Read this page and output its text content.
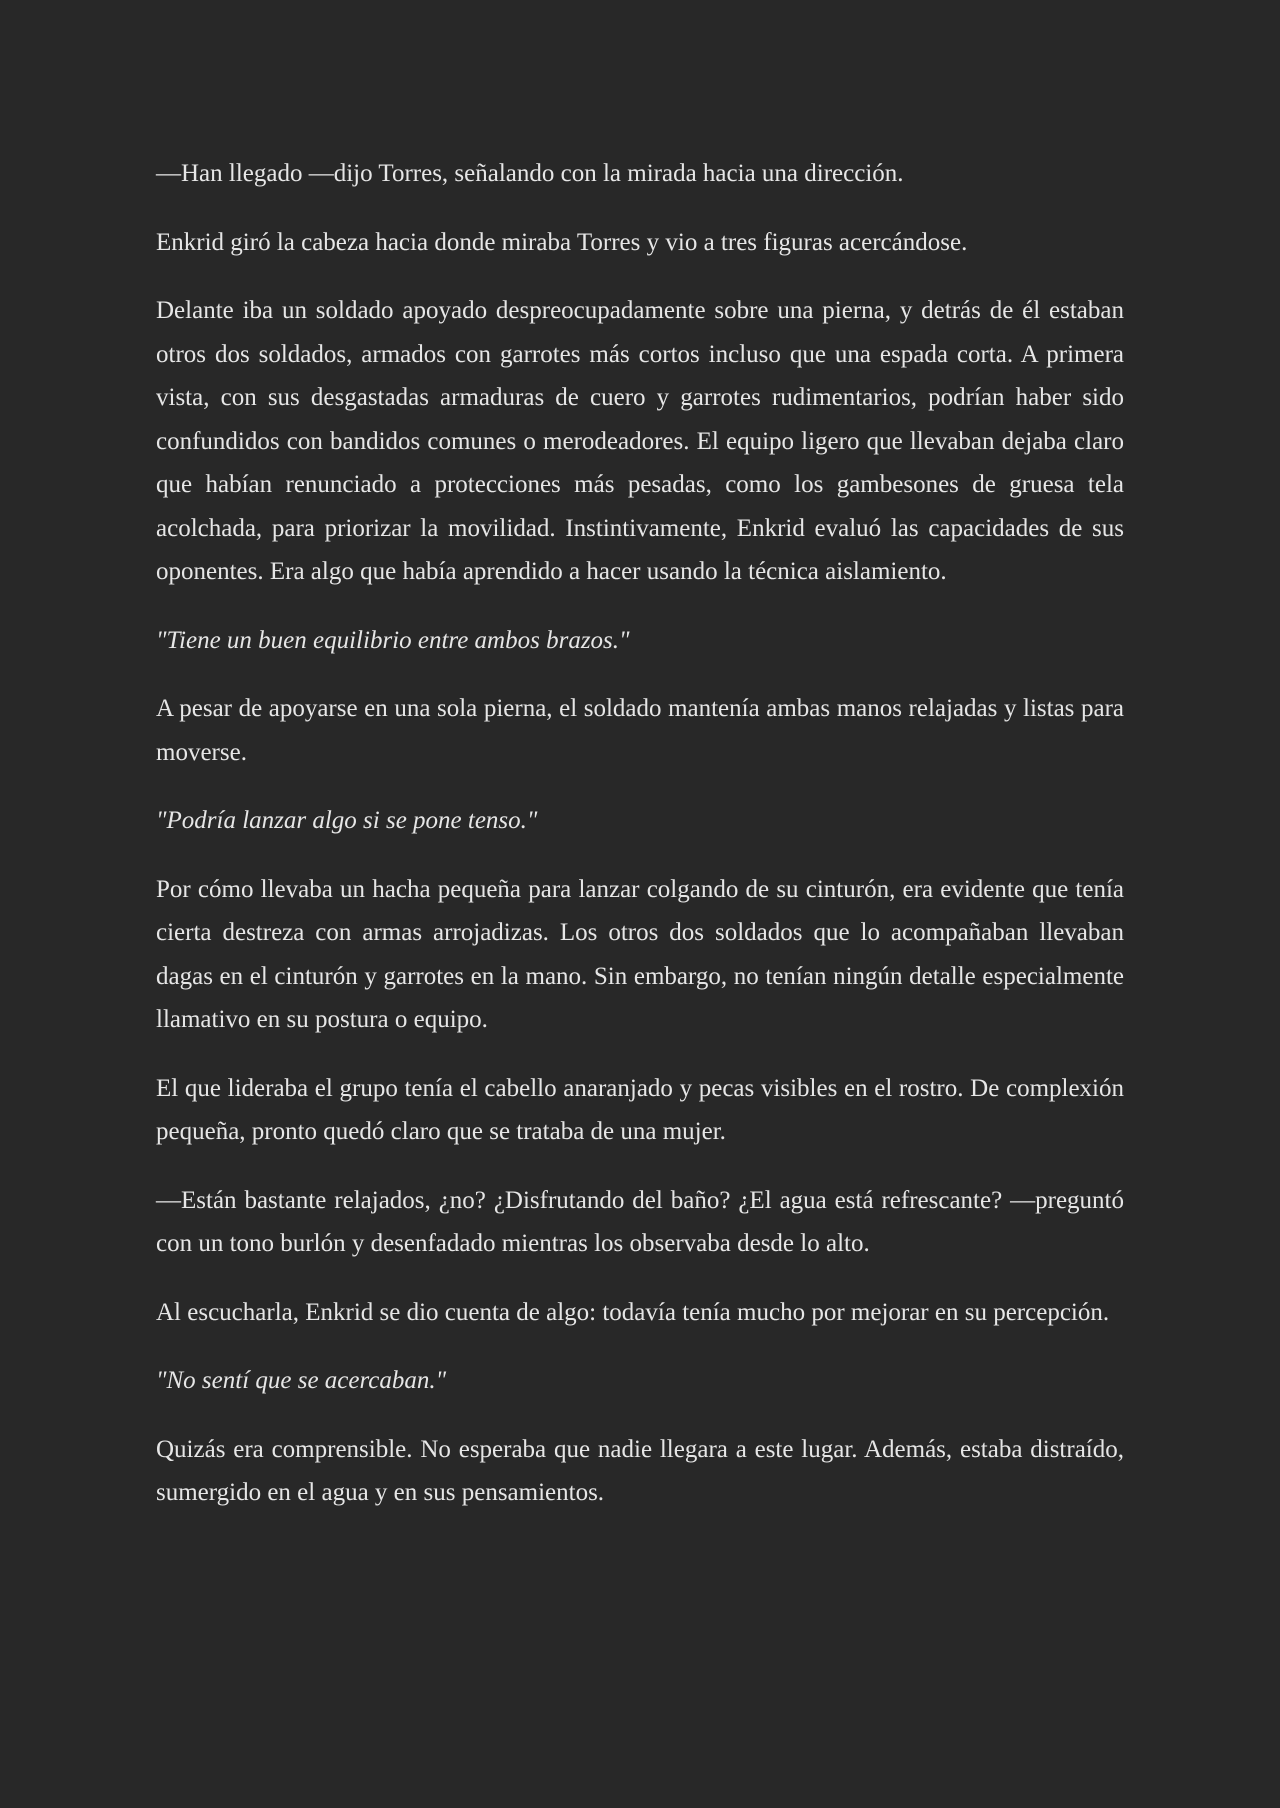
—Han llegado —dijo Torres, señalando con la mirada hacia una dirección.

Enkrid giró la cabeza hacia donde miraba Torres y vio a tres figuras acercándose.

Delante iba un soldado apoyado despreocupadamente sobre una pierna, y detrás de él estaban otros dos soldados, armados con garrotes más cortos incluso que una espada corta. A primera vista, con sus desgastadas armaduras de cuero y garrotes rudimentarios, podrían haber sido confundidos con bandidos comunes o merodeadores. El equipo ligero que llevaban dejaba claro que habían renunciado a protecciones más pesadas, como los gambesones de gruesa tela acolchada, para priorizar la movilidad. Instintivamente, Enkrid evaluó las capacidades de sus oponentes. Era algo que había aprendido a hacer usando la técnica aislamiento.

"Tiene un buen equilibrio entre ambos brazos."

A pesar de apoyarse en una sola pierna, el soldado mantenía ambas manos relajadas y listas para moverse.

"Podría lanzar algo si se pone tenso."

Por cómo llevaba un hacha pequeña para lanzar colgando de su cinturón, era evidente que tenía cierta destreza con armas arrojadizas. Los otros dos soldados que lo acompañaban llevaban dagas en el cinturón y garrotes en la mano. Sin embargo, no tenían ningún detalle especialmente llamativo en su postura o equipo.

El que lideraba el grupo tenía el cabello anaranjado y pecas visibles en el rostro. De complexión pequeña, pronto quedó claro que se trataba de una mujer.

—Están bastante relajados, ¿no? ¿Disfrutando del baño? ¿El agua está refrescante? —preguntó con un tono burlón y desenfadado mientras los observaba desde lo alto.

Al escucharla, Enkrid se dio cuenta de algo: todavía tenía mucho por mejorar en su percepción.

"No sentí que se acercaban."

Quizás era comprensible. No esperaba que nadie llegara a este lugar. Además, estaba distraído, sumergido en el agua y en sus pensamientos.
